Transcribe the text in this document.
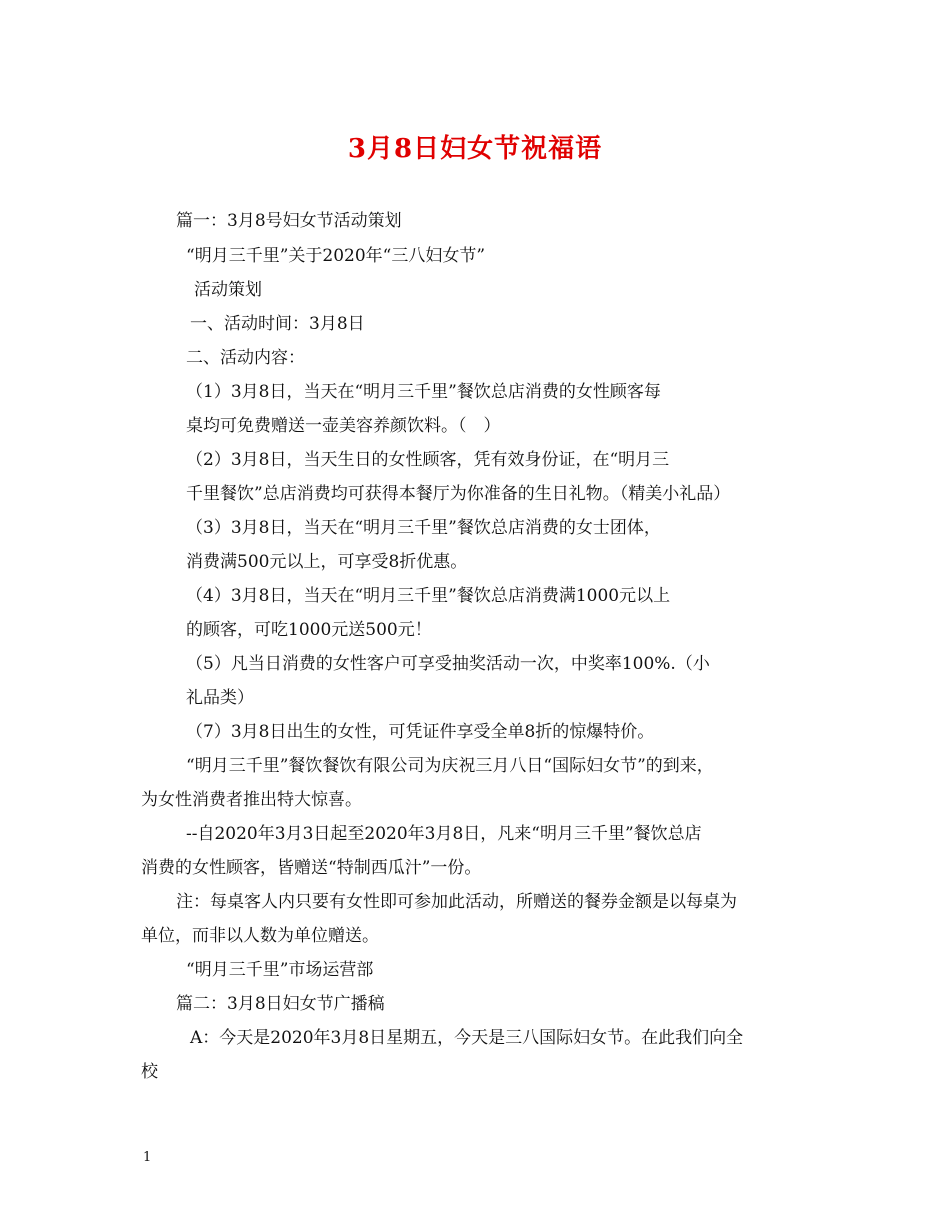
3月8日妇女节祝福语
篇一：3月8号妇女节活动策划
“明月三千里”关于2020年“三八妇女节”
活动策划
一、活动时间：3月8日
二、活动内容：
（1）3月8日，当天在“明月三千里”餐饮总店消费的女性顾客每
桌均可免费赠送一壶美容养颜饮料。（　）
（2）3月8日，当天生日的女性顾客，凭有效身份证，在“明月三
千里餐饮”总店消费均可获得本餐厅为你准备的生日礼物。（精美小礼品）
（3）3月8日，当天在“明月三千里”餐饮总店消费的女士团体，
消费满500元以上，可享受8折优惠。
（4）3月8日，当天在“明月三千里”餐饮总店消费满1000元以上
的顾客，可吃1000元送500元！
（5）凡当日消费的女性客户可享受抽奖活动一次，中奖率100%.（小
礼品类）
（7）3月8日出生的女性，可凭证件享受全单8折的惊爆特价。
“明月三千里”餐饮餐饮有限公司为庆祝三月八日“国际妇女节”的到来，
为女性消费者推出特大惊喜。
--自2020年3月3日起至2020年3月8日，凡来“明月三千里”餐饮总店
消费的女性顾客，皆赠送“特制西瓜汁”一份。
注：每桌客人内只要有女性即可参加此活动，所赠送的餐券金额是以每桌为
单位，而非以人数为单位赠送。
“明月三千里”市场运营部
篇二：3月8日妇女节广播稿
A：今天是2020年3月8日星期五，今天是三八国际妇女节。在此我们向全
校
1
